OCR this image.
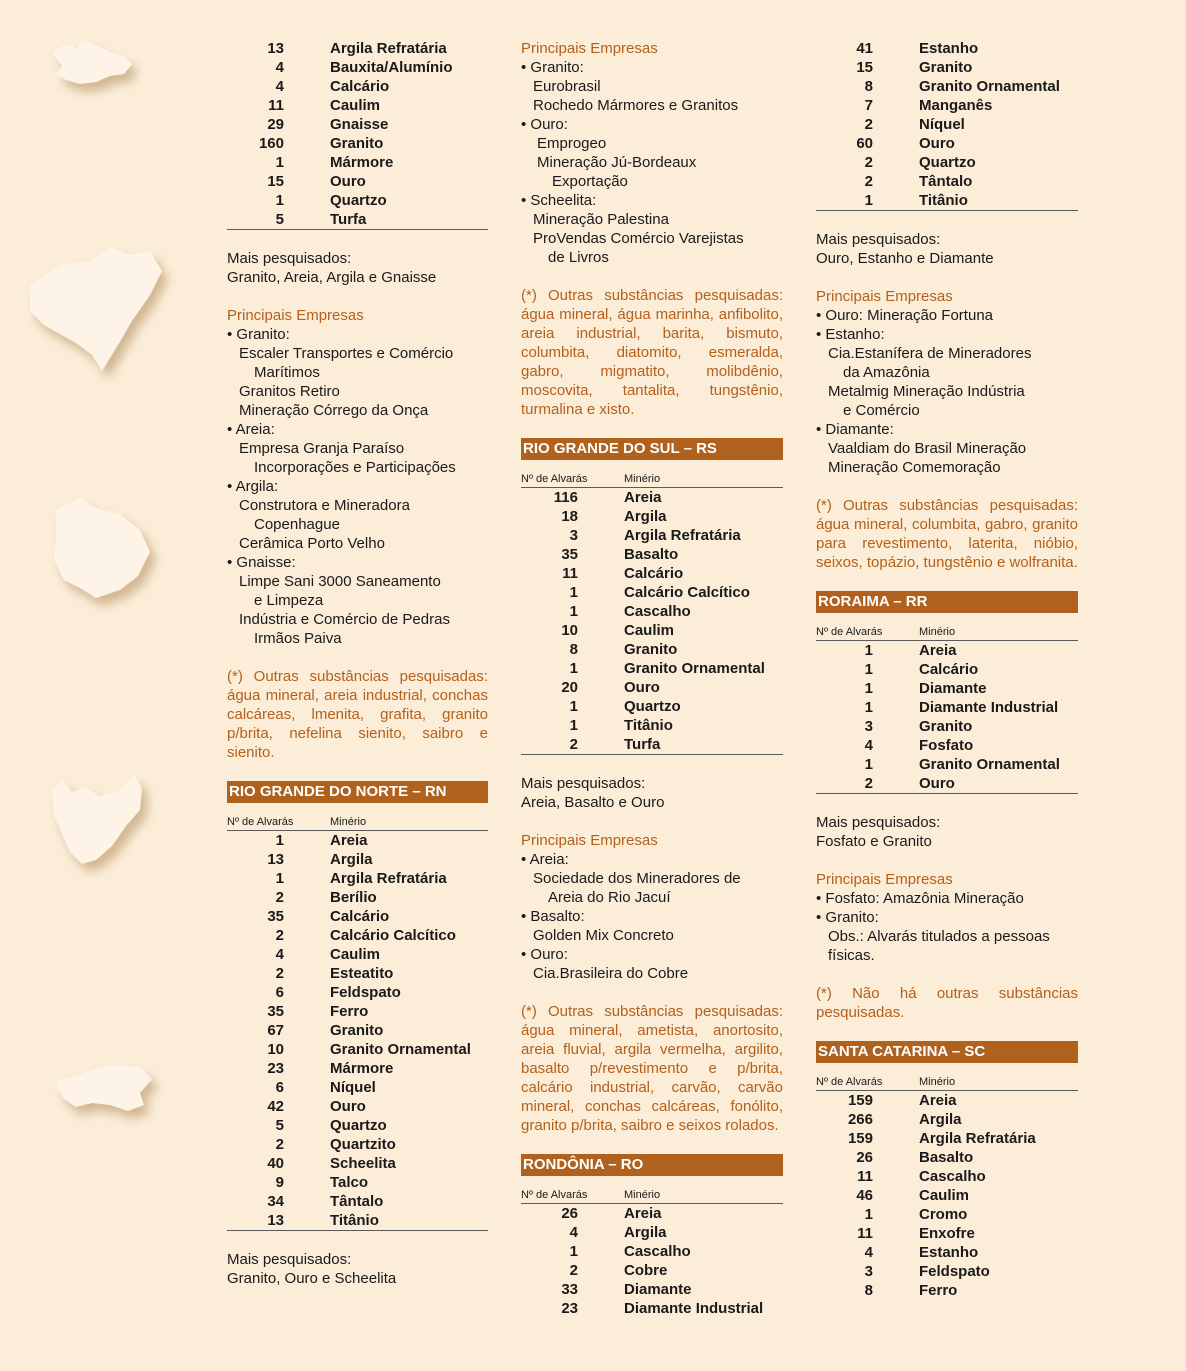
13	Argila Refratária
4	Bauxita/Alumínio
4	Calcário
11	Caulim
29	Gnaisse
160	Granito
1	Mármore
15	Ouro
1	Quartzo
5	Turfa
Mais pesquisados:
Granito, Areia, Argila e Gnaisse
Principais Empresas
• Granito:
Escaler Transportes e Comércio
Marítimos
Granitos Retiro
Mineração Córrego da Onça
• Areia:
Empresa Granja Paraíso
Incorporações e Participações
• Argila:
Construtora e Mineradora
Copenhague
Cerâmica Porto Velho
• Gnaisse:
Limpe Sani 3000 Saneamento
e Limpeza
Indústria e Comércio de Pedras
Irmãos Paiva
(*) Outras substâncias pesquisadas: água mineral, areia industrial, conchas calcáreas, lmenita, grafita, granito p/brita, nefelina sienito, saibro e sienito.
RIO GRANDE DO NORTE – RN
Nº de Alvarás	Minério
1	Areia
13	Argila
1	Argila Refratária
2	Berílio
35	Calcário
2	Calcário Calcítico
4	Caulim
2	Esteatito
6	Feldspato
35	Ferro
67	Granito
10	Granito Ornamental
23	Mármore
6	Níquel
42	Ouro
5	Quartzo
2	Quartzito
40	Scheelita
9	Talco
34	Tântalo
13	Titânio
Mais pesquisados:
Granito, Ouro e Scheelita
Principais Empresas
• Granito:
Eurobrasil
Rochedo Mármores e Granitos
• Ouro:
Emprogeo
Mineração Jú-Bordeaux
Exportação
• Scheelita:
Mineração Palestina
ProVendas Comércio Varejistas
de Livros
(*) Outras substâncias pesquisadas: água mineral, água marinha, anfibolito, areia industrial, barita, bismuto, columbita, diatomito, esmeralda, gabro, migmatito, molibdênio, moscovita, tantalita, tungstênio, turmalina e xisto.
RIO GRANDE DO SUL – RS
Nº de Alvarás	Minério
116	Areia
18	Argila
3	Argila Refratária
35	Basalto
11	Calcário
1	Calcário Calcítico
1	Cascalho
10	Caulim
8	Granito
1	Granito Ornamental
20	Ouro
1	Quartzo
1	Titânio
2	Turfa
Mais pesquisados:
Areia, Basalto e Ouro
Principais Empresas
• Areia:
Sociedade dos Mineradores de
Areia do Rio Jacuí
• Basalto:
Golden Mix Concreto
• Ouro:
Cia.Brasileira do Cobre
(*) Outras substâncias pesquisadas: água mineral, ametista, anortosito, areia fluvial, argila vermelha, argilito, basalto p/revestimento e p/brita, calcário industrial, carvão, carvão mineral, conchas calcáreas, fonólito, granito p/brita, saibro e seixos rolados.
RONDÔNIA – RO
Nº de Alvarás	Minério
26	Areia
4	Argila
1	Cascalho
2	Cobre
33	Diamante
23	Diamante Industrial
41	Estanho
15	Granito
8	Granito Ornamental
7	Manganês
2	Níquel
60	Ouro
2	Quartzo
2	Tântalo
1	Titânio
Mais pesquisados:
Ouro, Estanho e Diamante
Principais Empresas
• Ouro: Mineração Fortuna
• Estanho:
Cia.Estanífera de Mineradores
da Amazônia
Metalmig Mineração Indústria
e Comércio
• Diamante:
Vaaldiam do Brasil Mineração
Mineração Comemoração
(*) Outras substâncias pesquisadas: água mineral, columbita, gabro, granito para revestimento, laterita, nióbio, seixos, topázio, tungstênio e wolfranita.
RORAIMA – RR
Nº de Alvarás	Minério
1	Areia
1	Calcário
1	Diamante
1	Diamante Industrial
3	Granito
4	Fosfato
1	Granito Ornamental
2	Ouro
Mais pesquisados:
Fosfato e Granito
Principais Empresas
• Fosfato: Amazônia Mineração
• Granito:
Obs.: Alvarás titulados a pessoas
físicas.
(*) Não há outras substâncias pesquisadas.
SANTA CATARINA – SC
Nº de Alvarás	Minério
159	Areia
266	Argila
159	Argila Refratária
26	Basalto
11	Cascalho
46	Caulim
1	Cromo
11	Enxofre
4	Estanho
3	Feldspato
8	Ferro
